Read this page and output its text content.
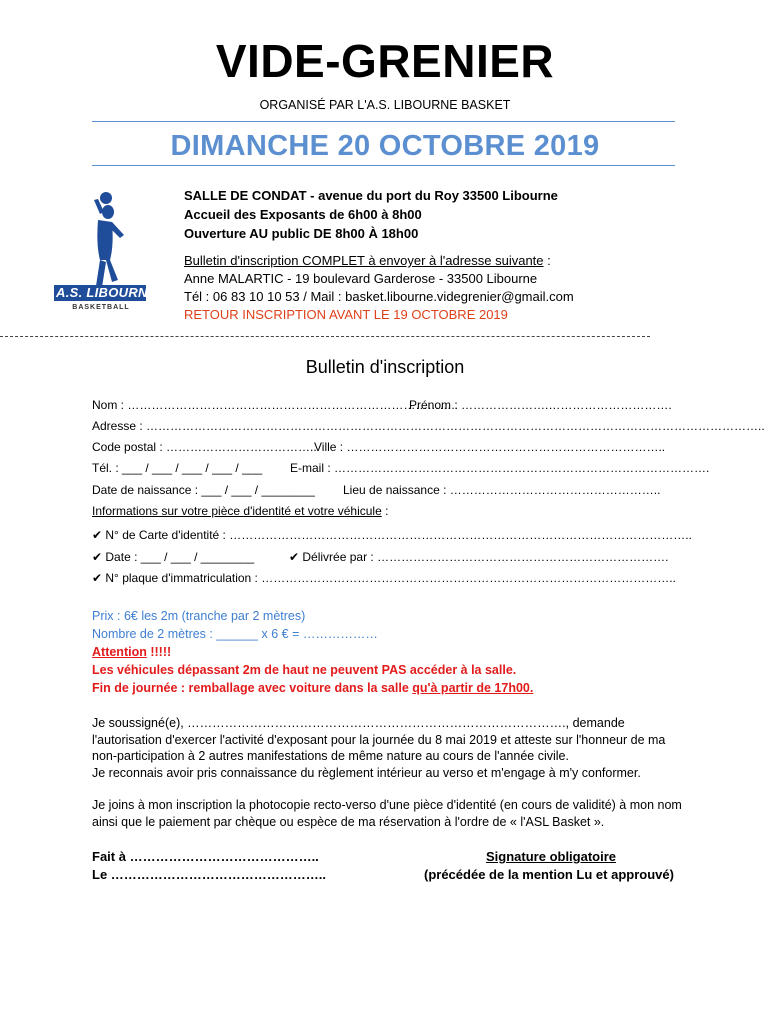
VIDE-GRENIER
ORGANISÉ PAR L'A.S. LIBOURNE BASKET
DIMANCHE 20 OCTOBRE 2019
A.S. LIBOURNE
BASKETBALL
SALLE DE CONDAT - avenue du port du Roy 33500 Libourne
Accueil des Exposants de 6h00 à 8h00
Ouverture AU public DE 8h00 À 18h00
Bulletin d'inscription COMPLET à envoyer à l'adresse suivante :
Anne MALARTIC - 19 boulevard Garderose - 33500 Libourne
Tél : 06 83 10 10 53 / Mail : basket.libourne.videgrenier@gmail.com
RETOUR INSCRIPTION AVANT LE 19 OCTOBRE 2019
Bulletin d'inscription
Nom : ………………………………………………………………………..
Prénom : ………………….………………………….
Adresse : ………………………………………………………………………………………………………………………………………..
Code postal : ………………………………..
Ville : ……………………………………………………………………..
Tél. : ___ / ___ / ___ / ___ / ___ E-mail : ………………………………………………………………………………….
Date de naissance : ___ / ___ / ________ Lieu de naissance : ……………………………………………..
Informations sur votre pièce d'identité et votre véhicule :
✔ N° de Carte d'identité : ……………………………………………………………………………………………………..
✔ Date : ___ / ___ / ________	✔ Délivrée par : ……………………………………………………………….
✔ N° plaque d'immatriculation : …………………………………………………………………………………………..
Prix : 6€ les 2m (tranche par 2 mètres)
Nombre de 2 mètres : ______ x 6 € = ………………
Attention !!!!!
Les véhicules dépassant 2m de haut ne peuvent PAS accéder à la salle.
Fin de journée : remballage avec voiture dans la salle qu'à partir de 17h00.
Je soussigné(e), ………………………………………………………………………………., demande l'autorisation d'exercer l'activité d'exposant pour la journée du 8 mai 2019 et atteste sur l'honneur de ma non-participation à 2 autres manifestations de même nature au cours de l'année civile.
Je reconnais avoir pris connaissance du règlement intérieur au verso et m'engage à m'y conformer.
Je joins à mon inscription la photocopie recto-verso d'une pièce d'identité (en cours de validité) à mon nom ainsi que le paiement par chèque ou espèce de ma réservation à l'ordre de « l'ASL Basket ».
Fait à ……………………………………..
Le …………………………………………..
Signature obligatoire
(précédée de la mention Lu et approuvé)
